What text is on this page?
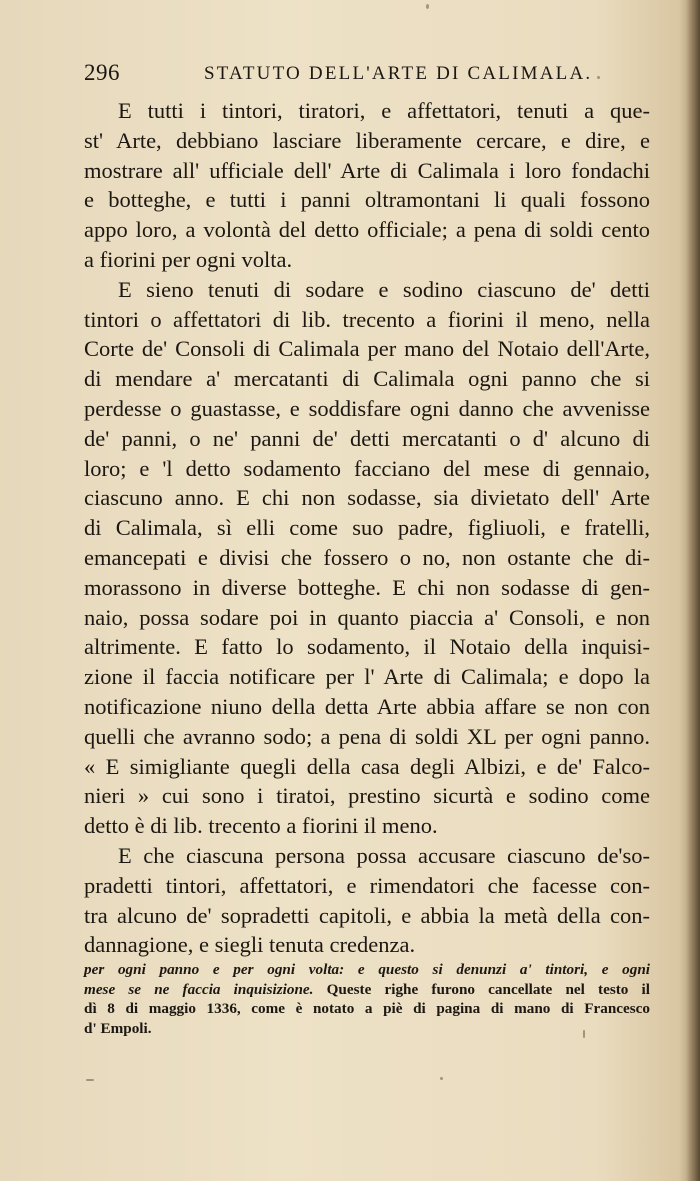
296	STATUTO DELL'ARTE DI CALIMALA.
E tutti i tintori, tiratori, e affettatori, tenuti a que-
st' Arte, debbiano lasciare liberamente cercare, e dire, e
mostrare all' ufficiale dell' Arte di Calimala i loro fondachi
e botteghe, e tutti i panni oltramontani li quali fossono
appo loro, a volontà del detto officiale; a pena di soldi cento
a fiorini per ogni volta.
E sieno tenuti di sodare e sodino ciascuno de' detti
tintori o affettatori di lib. trecento a fiorini il meno, nella
Corte de' Consoli di Calimala per mano del Notaio dell'Arte,
di mendare a' mercatanti di Calimala ogni panno che si
perdesse o guastasse, e soddisfare ogni danno che avvenisse
de' panni, o ne' panni de' detti mercatanti o d' alcuno di
loro; e 'l detto sodamento facciano del mese di gennaio,
ciascuno anno. E chi non sodasse, sia divietato dell' Arte
di Calimala, sì elli come suo padre, figliuoli, e fratelli,
emancepati e divisi che fossero o no, non ostante che di-
morassono in diverse botteghe. E chi non sodasse di gen-
naio, possa sodare poi in quanto piaccia a' Consoli, e non
altrimente. E fatto lo sodamento, il Notaio della inquisi-
zione il faccia notificare per l' Arte di Calimala; e dopo la
notificazione niuno della detta Arte abbia affare se non con
quelli che avranno sodo; a pena di soldi XL per ogni panno.
« E simigliante quegli della casa degli Albizi, e de' Falco-
nieri » cui sono i tiratoi, prestino sicurtà e sodino come
detto è di lib. trecento a fiorini il meno.
E che ciascuna persona possa accusare ciascuno de'so-
pradetti tintori, affettatori, e rimendatori che facesse con-
tra alcuno de' sopradetti capitoli, e abbia la metà della con-
dannagione, e siegli tenuta credenza.
per ogni panno e per ogni volta: e questo si denunzi a' tintori, e ogni
mese se ne faccia inquisizione. Queste righe furono cancellate nel testo il
dì 8 di maggio 1336, come è notato a piè di pagina di mano di Francesco
d' Empoli.
